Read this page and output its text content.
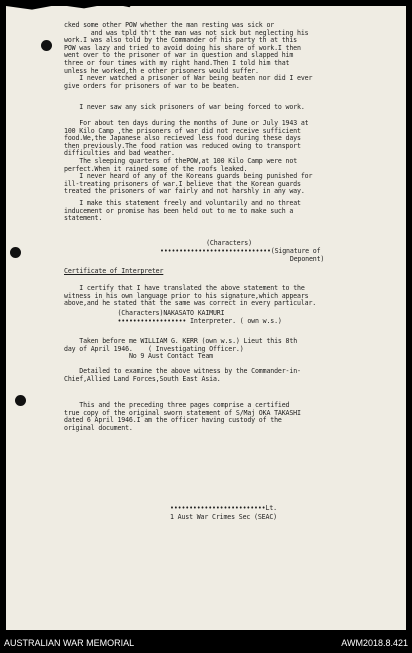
cked some other POW whether the man resting was sick or
and was tpld th't the man was not sick but neglecting his
work.I was also told by the Commander of his party th at this
POW was lazy and tried to avoid doing his share of work.I then
went over to the prisoner of war in question and slapped him
three or four times with my right hand.Then I told him that
unless he worked,th e other prisoners would suffer.
I never watched a prisoner of War being beaten nor did I ever
give orders for prisoners of war to be beaten.
I never saw any sick prisoners of war being forced to work.
For about ten days during the months of June or July 1943 at
100 Kilo Camp ,the prisoners of war did not receive sufficient
food.We,the Japanese also recieved less food during these days
then previously.The food ration was reduced owing to transport
difficulties and bad weather.
The sleeping quarters of thePOW,at 100 Kilo Camp were not
perfect.When it rained some of the roofs leaked.
I never heard of any of the Koreans guards being punished for
ill-treating prisoners of war.I believe that the Korean guards
treated the prisoners of war fairly and not harshly in any way.
I make this statement freely and voluntarily and no threat
inducement or promise has been held out to me to make such a
statement.
(Characters)
•••••••••••••••••••••••••••••(Signature of
Deponent)
Certificate of Interpreter
I certify that I have translated the above statement to the
witness in his own language prior to his signature,which appears
above,and he stated that the same was correct in every particular.
(Characters)NAKASATO KAIMURI
•••••••••••••••••• Interpreter. ( own w.s.)
Taken before me WILLIAM G. KERR (own w.s.) Lieut this 8th
day of April 1946.    ( Investigating Officer.)
No 9 Aust Contact Team
Detailed to examine the above witness by the Commander-in-
Chief,Allied Land Forces,South East Asia.
This and the preceding three pages comprise a certified
true copy of the original sworn statement of S/Maj OKA TAKASHI
dated 6 April 1946.I am the officer having custody of the
original document.
•••••••••••••••••••••••••Lt.
1 Aust War Crimes Sec (SEAC)
AUSTRALIAN WAR MEMORIAL	AWM2018.8.421
